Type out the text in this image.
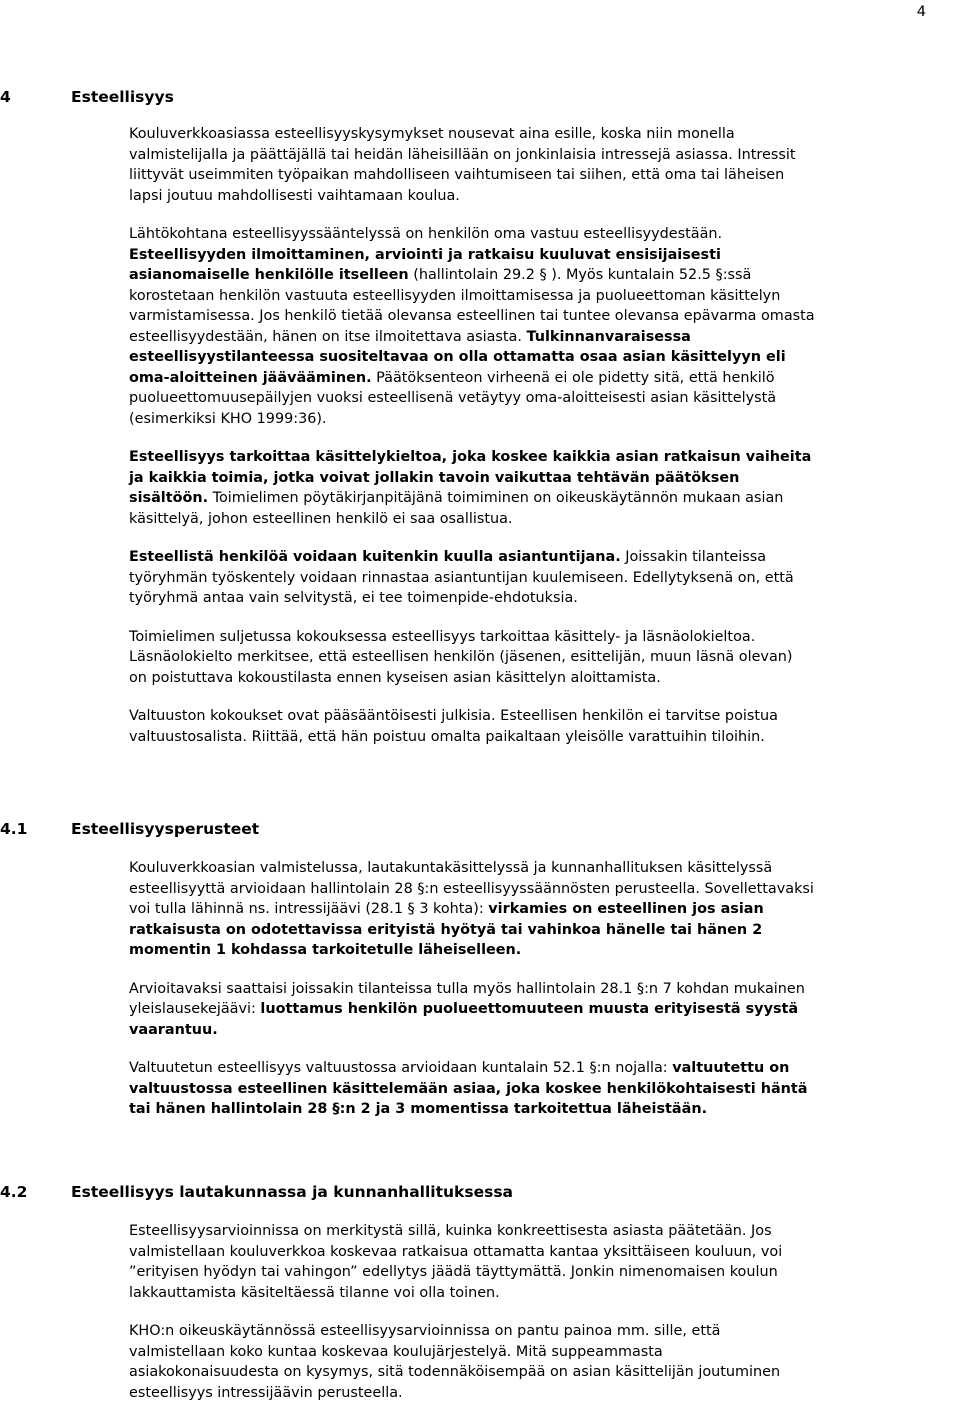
4
4	Esteellisyys
Kouluverkkoasiassa esteellisyyskysymykset nousevat aina esille, koska niin monella
valmistelijalla ja päättäjällä tai heidän läheisillään on jonkinlaisia intressejä asiassa. Intressit
liittyvät useimmiten työpaikan mahdolliseen vaihtumiseen tai siihen, että oma tai läheisen
lapsi joutuu mahdollisesti vaihtamaan koulua.
Lähtökohtana esteellisyyssääntelyssä on henkilön oma vastuu esteellisyydestään.
Esteellisyyden ilmoittaminen, arviointi ja ratkaisu kuuluvat ensisijaisesti
asianomaiselle henkilölle itselleen (hallintolain 29.2 § ). Myös kuntalain 52.5 §:ssä
korostetaan henkilön vastuuta esteellisyyden ilmoittamisessa ja puolueettoman käsittelyn
varmistamisessa. Jos henkilö tietää olevansa esteellinen tai tuntee olevansa epävarma omasta
esteellisyydestään, hänen on itse ilmoitettava asiasta. Tulkinnanvaraisessa
esteellisyystilanteessa suositeltavaa on olla ottamatta osaa asian käsittelyyn eli
oma-aloitteinen jäävääminen. Päätöksenteon virheenä ei ole pidetty sitä, että henkilö
puolueettomuusepäilyjen vuoksi esteellisenä vetäytyy oma-aloitteisesti asian käsittelystä
(esimerkiksi KHO 1999:36).
Esteellisyys tarkoittaa käsittelykieltoa, joka koskee kaikkia asian ratkaisun vaiheita
ja kaikkia toimia, jotka voivat jollakin tavoin vaikuttaa tehtävän päätöksen
sisältöön. Toimielimen pöytäkirjanpitäjänä toimiminen on oikeuskäytännön mukaan asian
käsittelyä, johon esteellinen henkilö ei saa osallistua.
Esteellistä henkilöä voidaan kuitenkin kuulla asiantuntijana. Joissakin tilanteissa
työryhmän työskentely voidaan rinnastaa asiantuntijan kuulemiseen. Edellytyksenä on, että
työryhmä antaa vain selvitystä, ei tee toimenpide-ehdotuksia.
Toimielimen suljetussa kokouksessa esteellisyys tarkoittaa käsittely- ja läsnäolokieltoa.
Läsnäolokielto merkitsee, että esteellisen henkilön (jäsenen, esittelijän, muun läsnä olevan)
on poistuttava kokoustilasta ennen kyseisen asian käsittelyn aloittamista.
Valtuuston kokoukset ovat pääsääntöisesti julkisia. Esteellisen henkilön ei tarvitse poistua
valtuustosalista. Riittää, että hän poistuu omalta paikaltaan yleisölle varattuihin tiloihin.
4.1	Esteellisyysperusteet
Kouluverkkoasian valmistelussa, lautakuntakäsittelyssä ja kunnanhallituksen käsittelyssä
esteellisyyttä arvioidaan hallintolain 28 §:n esteellisyyssäännösten perusteella. Sovellettavaksi
voi tulla lähinnä ns. intressijäävi (28.1 § 3 kohta): virkamies on esteellinen jos asian
ratkaisusta on odotettavissa erityistä hyötyä tai vahinkoa hänelle tai hänen 2
momentin 1 kohdassa tarkoitetulle läheiselleen.
Arvioitavaksi saattaisi joissakin tilanteissa tulla myös hallintolain 28.1 §:n 7 kohdan mukainen
yleislausekejäävi: luottamus henkilön puolueettomuuteen muusta erityisestä syystä
vaarantuu.
Valtuutetun esteellisyys valtuustossa arvioidaan kuntalain 52.1 §:n nojalla: valtuutettu on
valtuustossa esteellinen käsittelemään asiaa, joka koskee henkilökohtaisesti häntä
tai hänen hallintolain 28 §:n 2 ja 3 momentissa tarkoitettua läheistään.
4.2	Esteellisyys lautakunnassa ja kunnanhallituksessa
Esteellisyysarvioinnissa on merkitystä sillä, kuinka konkreettisesta asiasta päätetään. Jos
valmistellaan kouluverkkoa koskevaa ratkaisua ottamatta kantaa yksittäiseen kouluun, voi
”erityisen hyödyn tai vahingon” edellytys jäädä täyttymättä. Jonkin nimenomaisen koulun
lakkauttamista käsiteltäessä tilanne voi olla toinen.
KHO:n oikeuskäytännössä esteellisyysarvioinnissa on pantu painoa mm. sille, että
valmistellaan koko kuntaa koskevaa koulujärjestelyä. Mitä suppeammasta
asiakokonaisuudesta on kysymys, sitä todennäköisempää on asian käsittelijän joutuminen
esteellisyys intressijäävin perusteella.
